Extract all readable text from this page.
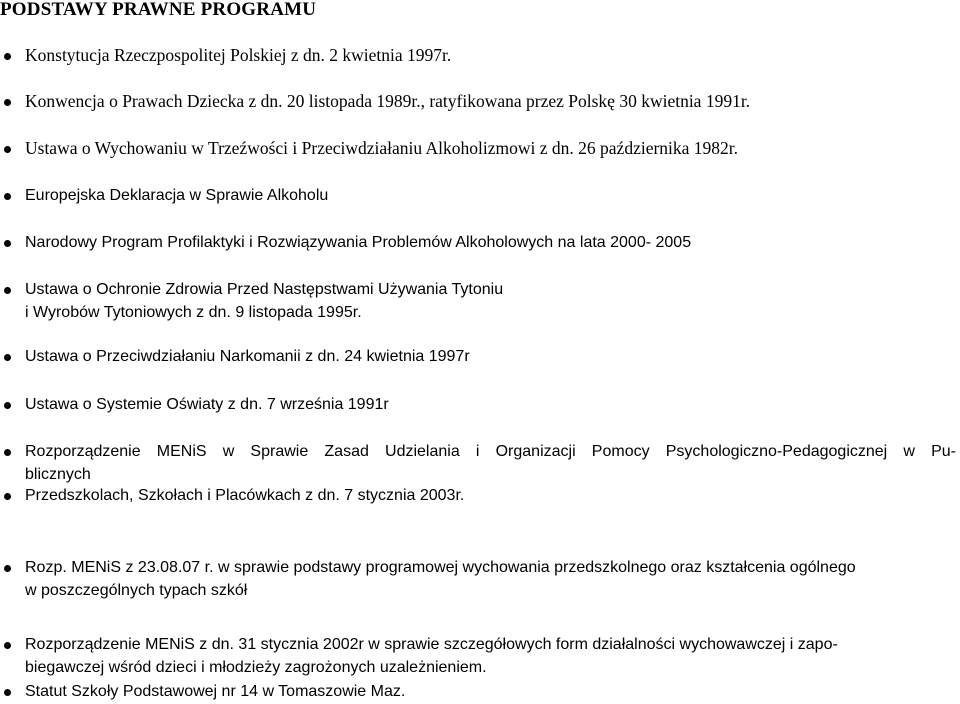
PODSTAWY PRAWNE PROGRAMU
Konstytucja Rzeczpospolitej Polskiej z dn. 2 kwietnia 1997r.
Konwencja o Prawach Dziecka z dn. 20 listopada 1989r., ratyfikowana przez Polskę 30 kwietnia 1991r.
Ustawa o Wychowaniu w Trzeźwości i Przeciwdziałaniu Alkoholizmowi z dn. 26 października 1982r.
Europejska Deklaracja w Sprawie Alkoholu
Narodowy Program Profilaktyki i Rozwiązywania Problemów Alkoholowych na lata 2000- 2005
Ustawa o Ochronie Zdrowia Przed Następstwami Używania Tytoniu
i Wyrobów Tytoniowych z dn. 9 listopada 1995r.
Ustawa o Przeciwdziałaniu Narkomanii z dn. 24 kwietnia 1997r
Ustawa o Systemie Oświaty z dn. 7 września 1991r
Rozporządzenie MENiS w Sprawie Zasad Udzielania i Organizacji Pomocy Psychologiczno-Pedagogicznej w Pu-
blicznych
Przedszkolach, Szkołach i Placówkach z dn. 7 stycznia 2003r.
Rozp. MENiS z 23.08.07 r. w sprawie podstawy programowej wychowania przedszkolnego oraz kształcenia ogólnego
w poszczególnych typach szkół
Rozporządzenie MENiS z dn. 31 stycznia 2002r w sprawie szczegółowych form działalności wychowawczej i zapo-
biegawczej wśród dzieci i młodzieży zagrożonych uzależnieniem.
Statut Szkoły Podstawowej nr 14 w Tomaszowie Maz.
